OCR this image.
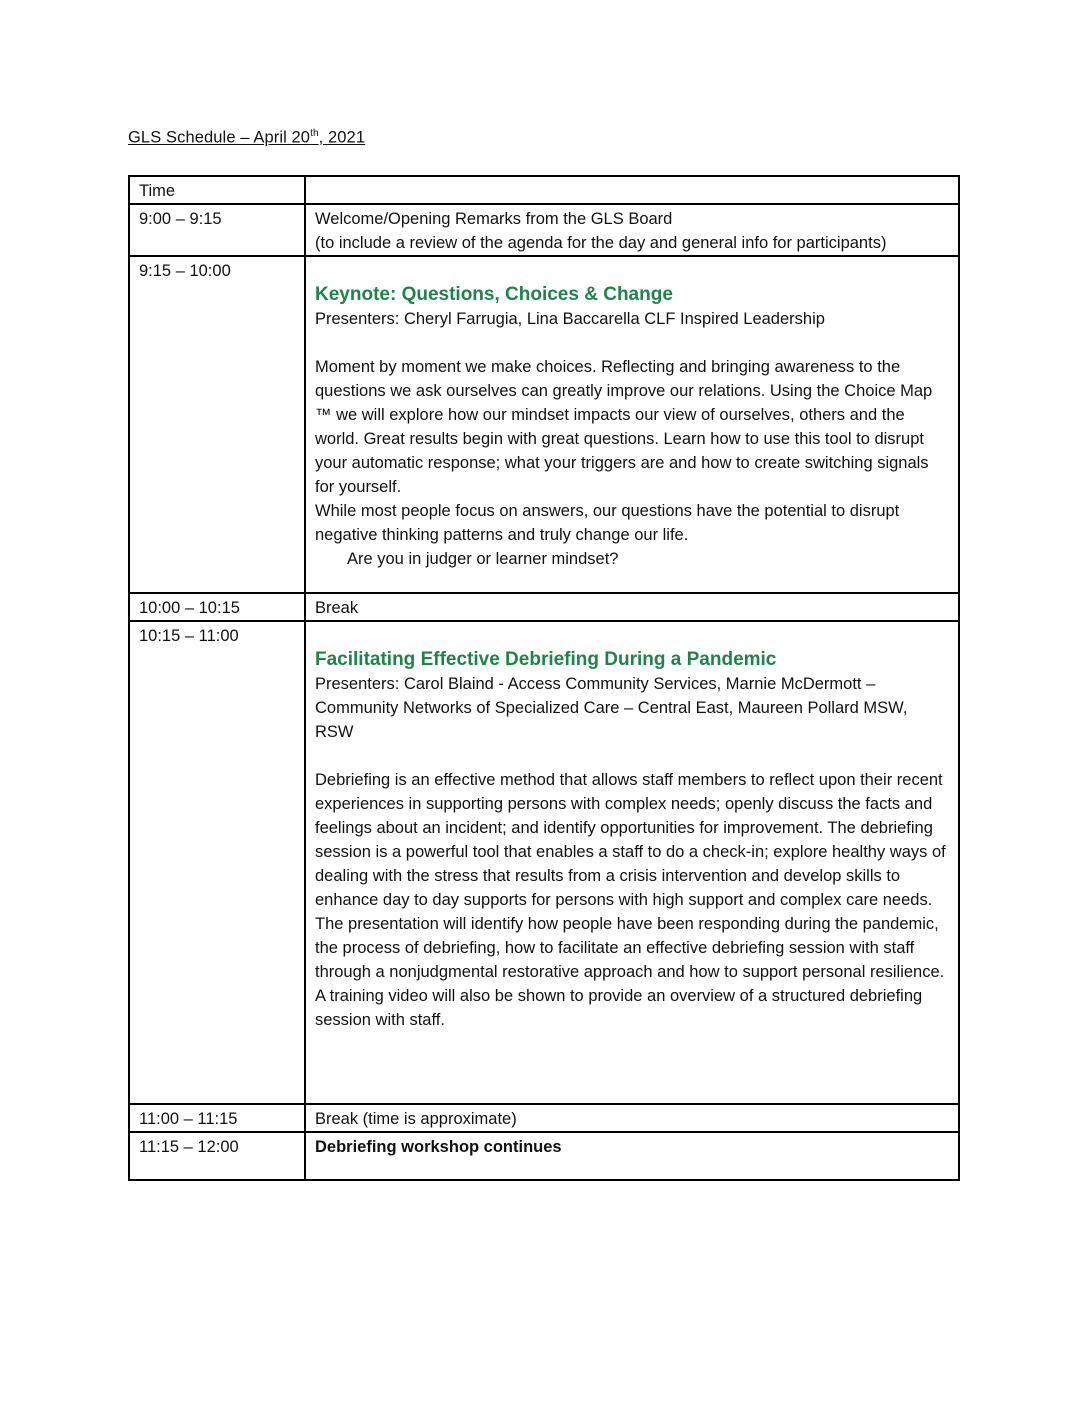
GLS Schedule – April 20th, 2021
Time	
9:00 – 9:15	Welcome/Opening Remarks from the GLS Board
(to include a review of the agenda for the day and general info for participants)

9:15 – 10:00	Keynote: Questions, Choices & Change
Presenters: Cheryl Farrugia, Lina Baccarella CLF Inspired Leadership
Moment by moment we make choices. Reflecting and bringing awareness to the questions we ask ourselves can greatly improve our relations. Using the Choice Map ™ we will explore how our mindset impacts our view of ourselves, others and the world. Great results begin with great questions. Learn how to use this tool to disrupt your automatic response; what your triggers are and how to create switching signals for yourself.
While most people focus on answers, our questions have the potential to disrupt negative thinking patterns and truly change our life.
Are you in judger or learner mindset?

10:00 – 10:15	Break
10:15 – 11:00	Facilitating Effective Debriefing During a Pandemic
Presenters: Carol Blaind - Access Community Services, Marnie McDermott – Community Networks of Specialized Care – Central East, Maureen Pollard MSW, RSW
Debriefing is an effective method that allows staff members to reflect upon their recent experiences in supporting persons with complex needs; openly discuss the facts and feelings about an incident; and identify opportunities for improvement. The debriefing session is a powerful tool that enables a staff to do a check-in; explore healthy ways of dealing with the stress that results from a crisis intervention and develop skills to enhance day to day supports for persons with high support and complex care needs. The presentation will identify how people have been responding during the pandemic, the process of debriefing, how to facilitate an effective debriefing session with staff through a nonjudgmental restorative approach and how to support personal resilience. A training video will also be shown to provide an overview of a structured debriefing session with staff.

11:00 – 11:15	Break (time is approximate)
11:15 – 12:00	Debriefing workshop continues
